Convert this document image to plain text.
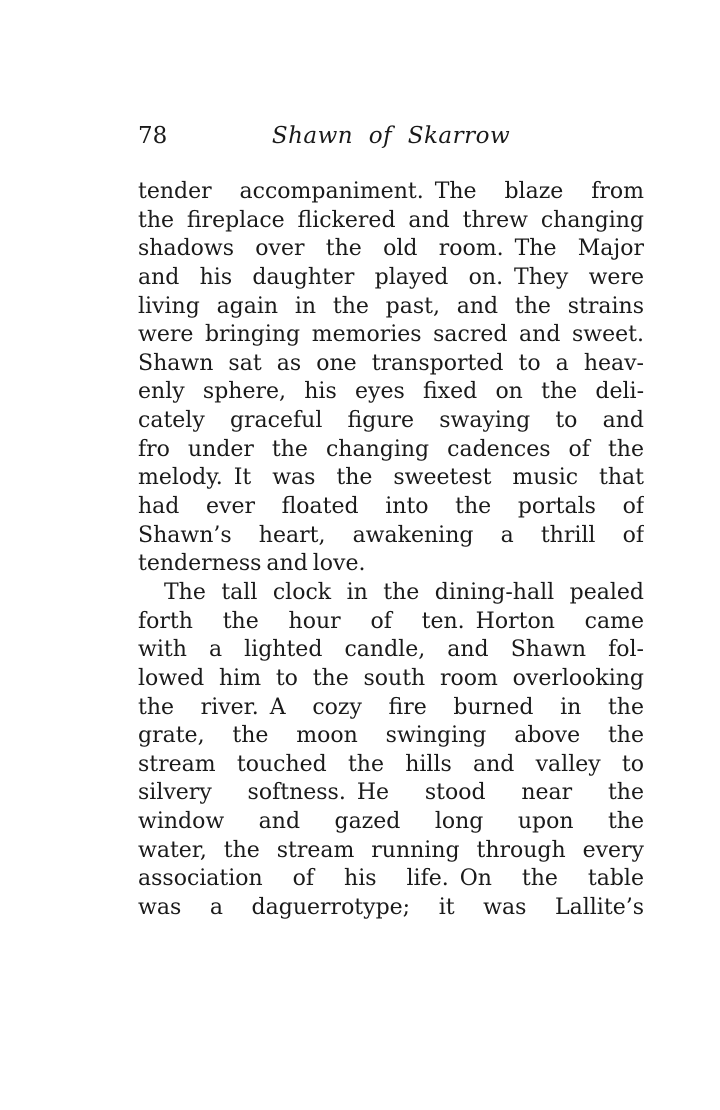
78	Shawn of Skarrow
tender accompaniment. The blaze from
the fireplace flickered and threw changing
shadows over the old room. The Major
and his daughter played on. They were
living again in the past, and the strains
were bringing memories sacred and sweet.
Shawn sat as one transported to a heav-
enly sphere, his eyes fixed on the deli-
cately graceful figure swaying to and
fro under the changing cadences of the
melody. It was the sweetest music that
had ever floated into the portals of
Shawn’s heart, awakening a thrill of
tenderness and love.
The tall clock in the dining-hall pealed
forth the hour of ten. Horton came
with a lighted candle, and Shawn fol-
lowed him to the south room overlooking
the river. A cozy fire burned in the
grate, the moon swinging above the
stream touched the hills and valley to
silvery softness. He stood near the
window and gazed long upon the
water, the stream running through every
association of his life. On the table
was a daguerrotype; it was Lallite’s
